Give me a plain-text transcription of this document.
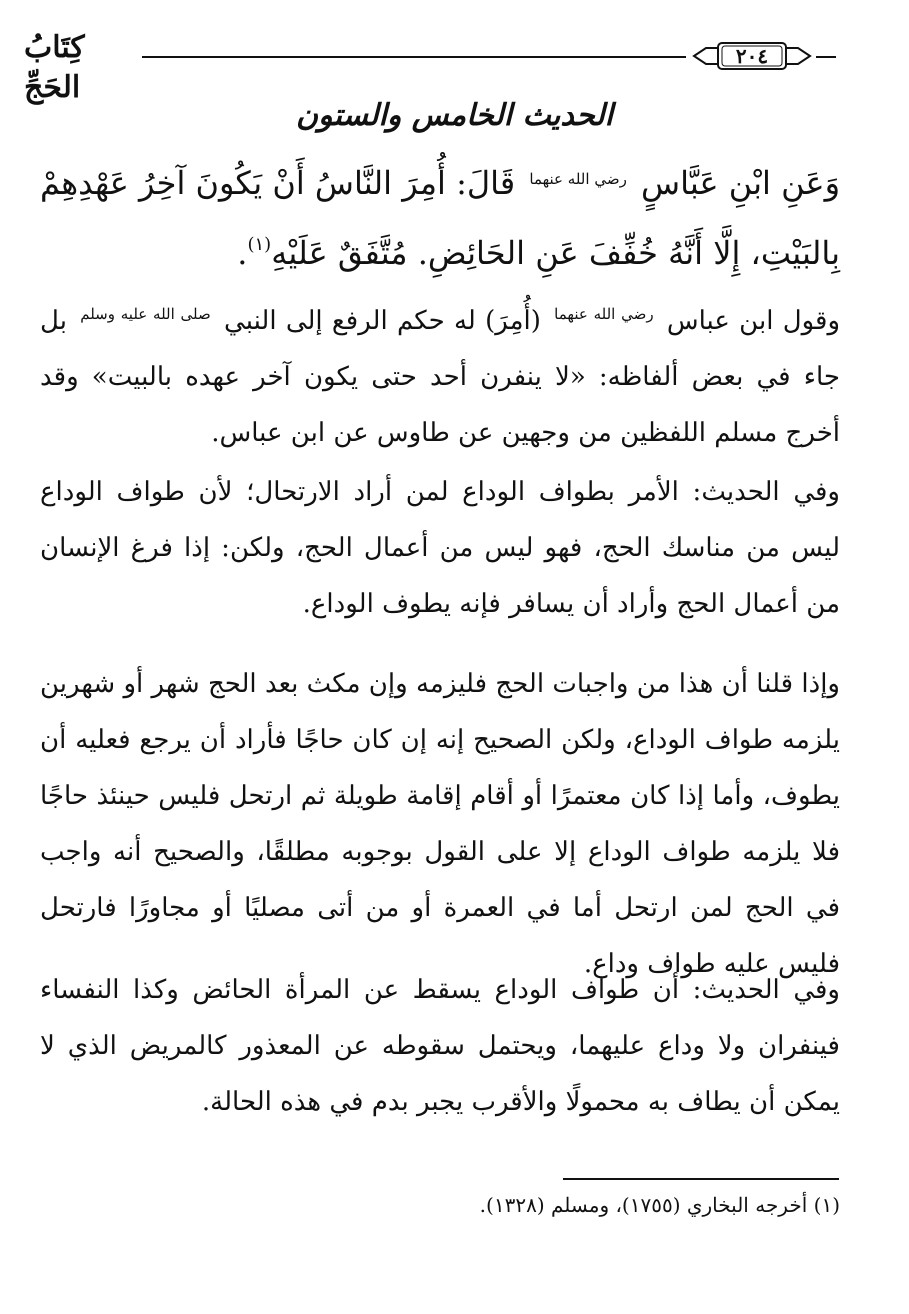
كِتَابُ الحَجِّ
٢٠٤
الحديث الخامس والستون
وَعَنِ ابْنِ عَبَّاسٍ $^{رضي الله عنهما}$ قَالَ: أُمِرَ النَّاسُ أَنْ يَكُونَ آخِرُ عَهْدِهِمْ بِالبَيْتِ، إِلَّا أَنَّهُ خُفِّفَ عَنِ الحَائِضِ. مُتَّفَقٌ عَلَيْهِ$^{(١)}$.
وقول ابن عباس $^{رضي الله عنهما}$ (أُمِرَ) له حكم الرفع إلى النبي $^{صلى الله عليه وسلم}$ بل جاء في بعض ألفاظه: «لا ينفرن أحد حتى يكون آخر عهده بالبيت» وقد أخرج مسلم اللفظين من وجهين عن طاوس عن ابن عباس.
وفي الحديث: الأمر بطواف الوداع لمن أراد الارتحال؛ لأن طواف الوداع ليس من مناسك الحج، فهو ليس من أعمال الحج، ولكن: إذا فرغ الإنسان من أعمال الحج وأراد أن يسافر فإنه يطوف الوداع.
وإذا قلنا أن هذا من واجبات الحج فليزمه وإن مكث بعد الحج شهر أو شهرين يلزمه طواف الوداع، ولكن الصحيح إنه إن كان حاجًا فأراد أن يرجع فعليه أن يطوف، وأما إذا كان معتمرًا أو أقام إقامة طويلة ثم ارتحل فليس حينئذ حاجًا فلا يلزمه طواف الوداع إلا على القول بوجوبه مطلقًا، والصحيح أنه واجب في الحج لمن ارتحل أما في العمرة أو من أتى مصليًا أو مجاورًا فارتحل فليس عليه طواف وداع.
وفي الحديث: أن طواف الوداع يسقط عن المرأة الحائض وكذا النفساء فينفران ولا وداع عليهما، ويحتمل سقوطه عن المعذور كالمريض الذي لا يمكن أن يطاف به محمولًا والأقرب يجبر بدم في هذه الحالة.
(١) أخرجه البخاري (١٧٥٥)، ومسلم (١٣٢٨).
